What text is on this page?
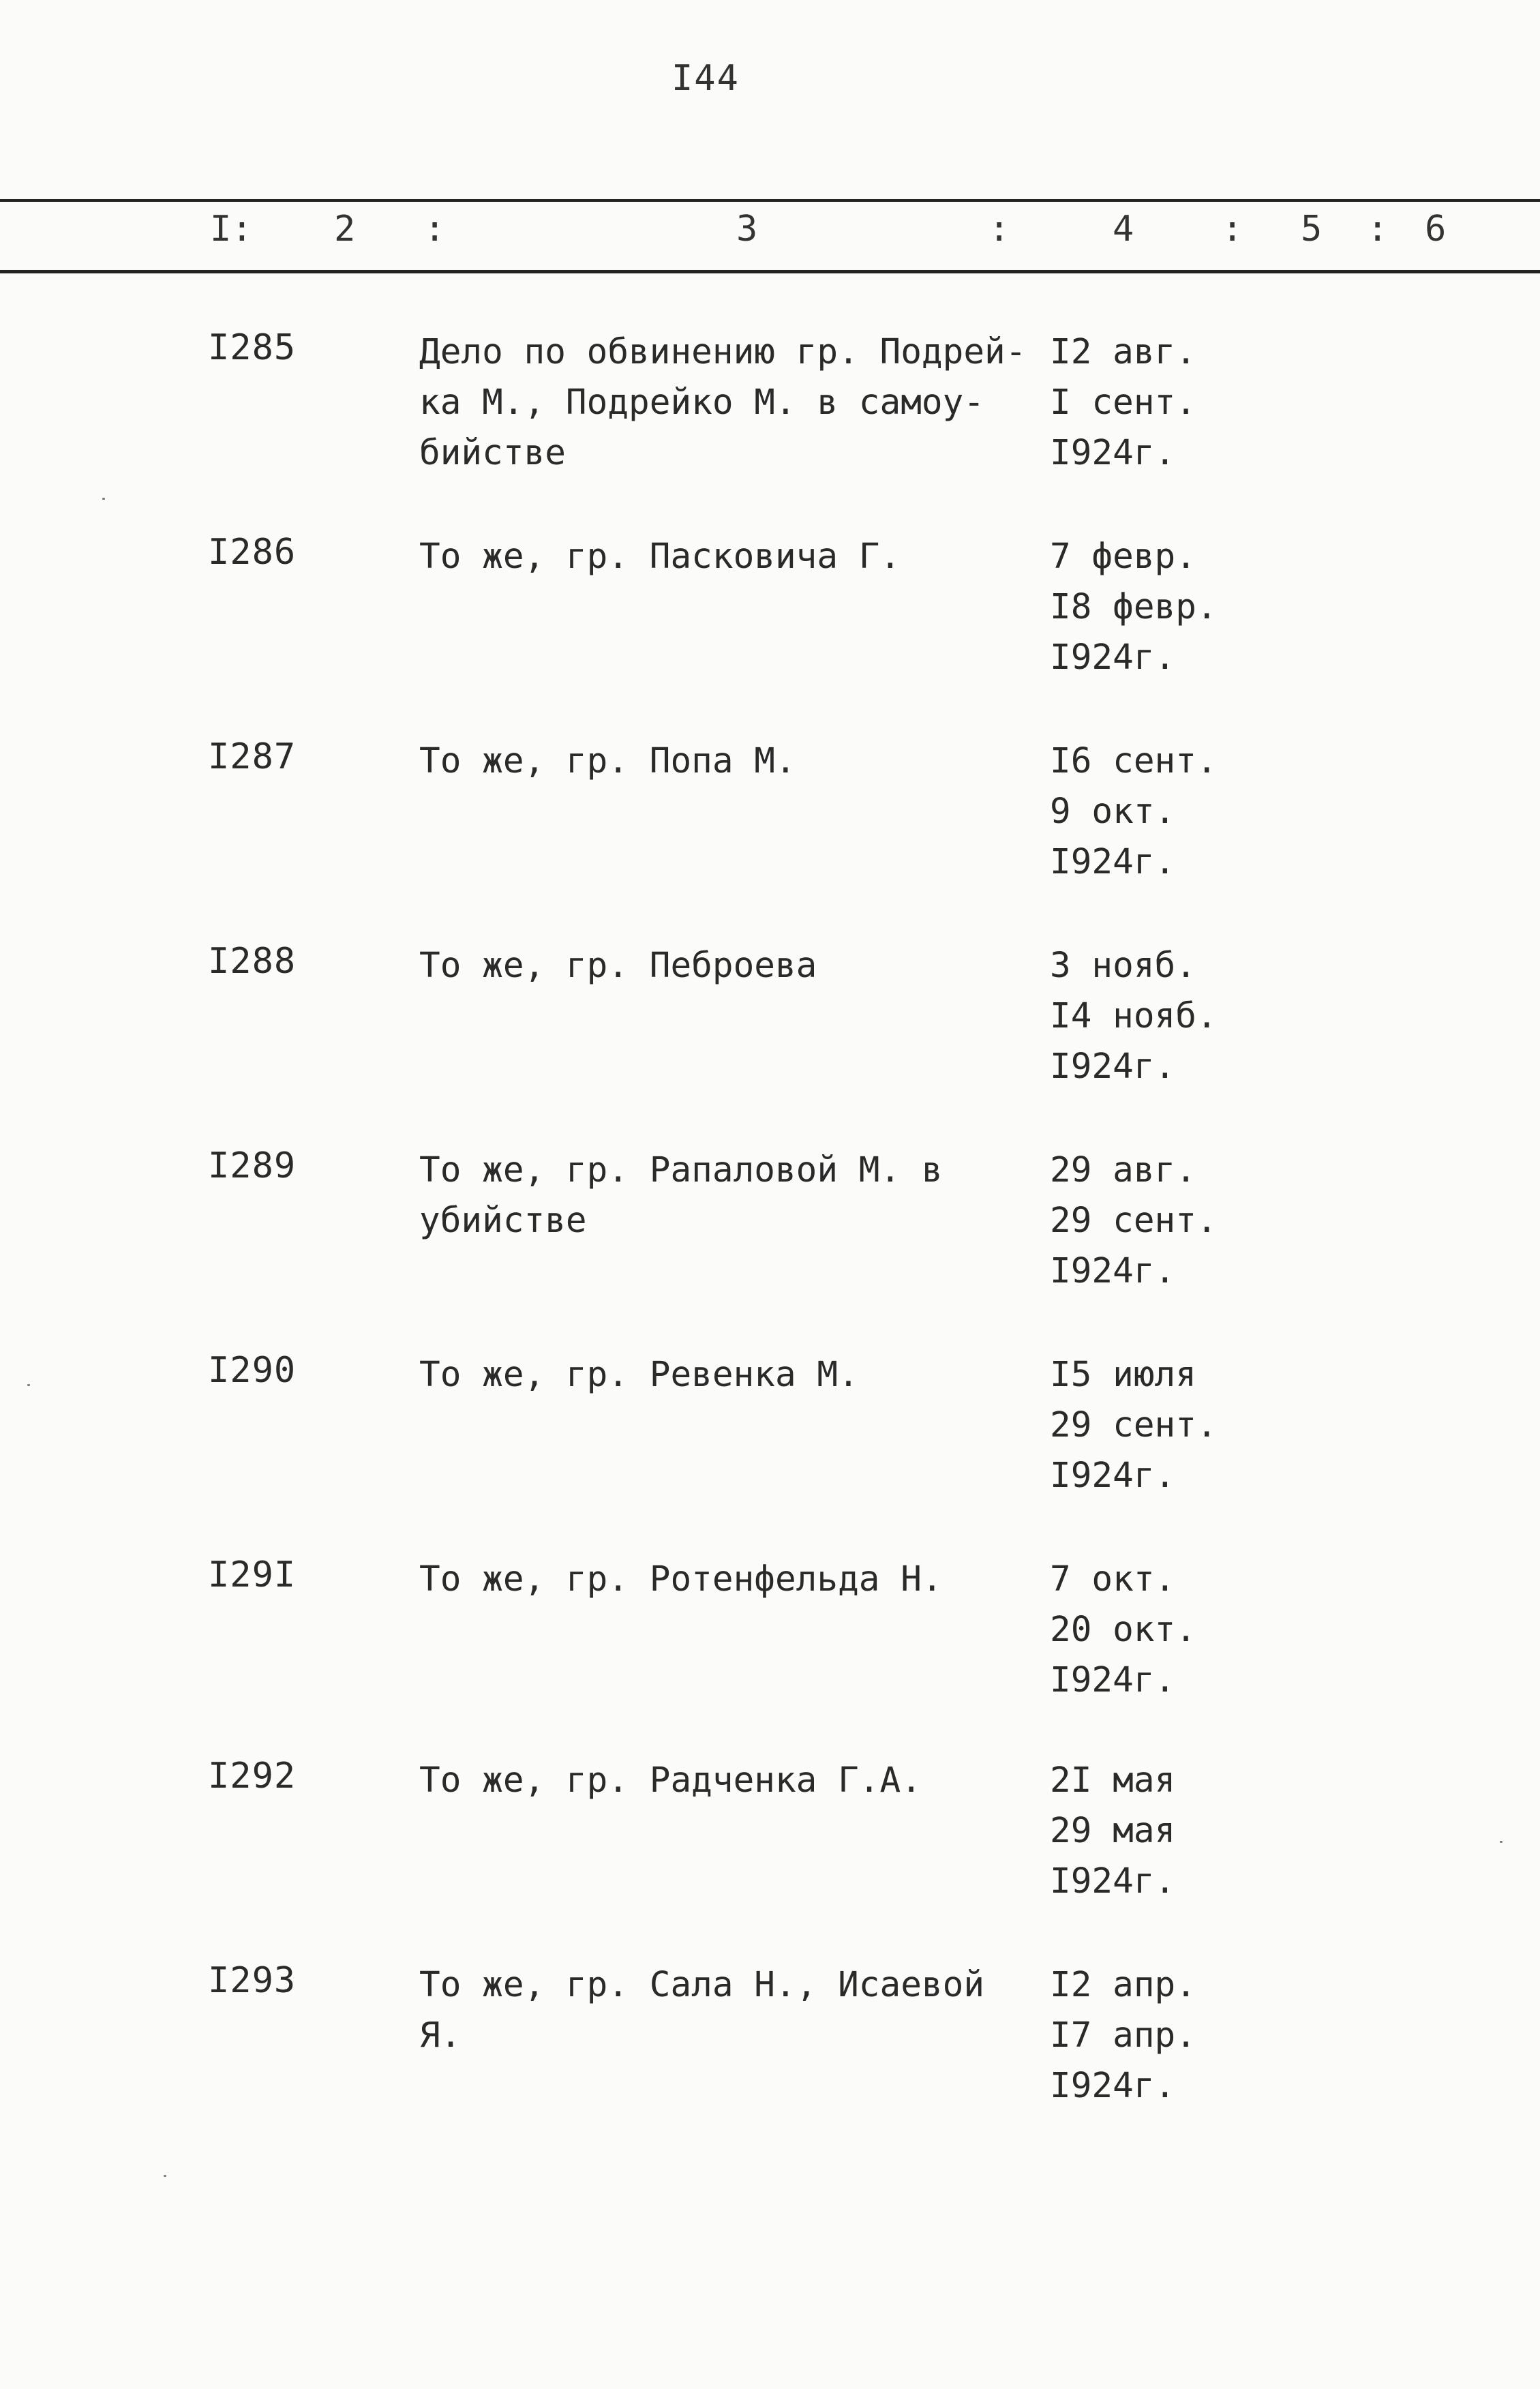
I44
I: 2 :	3	:	4 : 5 : 6
I285	Дело по обвинению гр. Подрей-
ка М., Подрейко М. в самоу-
бийстве
I2 авг.
I сент.
I924г.
I286	То же, гр. Пасковича Г.	7 февр.
I8 февр.
I924г.
I287	То же, гр. Попа М.	I6 сент.
9 окт.
I924г.
I288	То же, гр. Пеброева	3 нояб.
I4 нояб.
I924г.
I289	То же, гр. Рапаловой М. в
убийстве
29 авг.
29 сент.
I924г.
I290	То же, гр. Ревенка М.	I5 июля
29 сент.
I924г.
I29I	То же, гр. Ротенфельда Н.	7 окт.
20 окт.
I924г.
I292	То же, гр. Радченка Г.А.	2I мая
29 мая
I924г.
I293	То же, гр. Сала Н., Исаевой
Я.
I2 апр.
I7 апр.
I924г.
